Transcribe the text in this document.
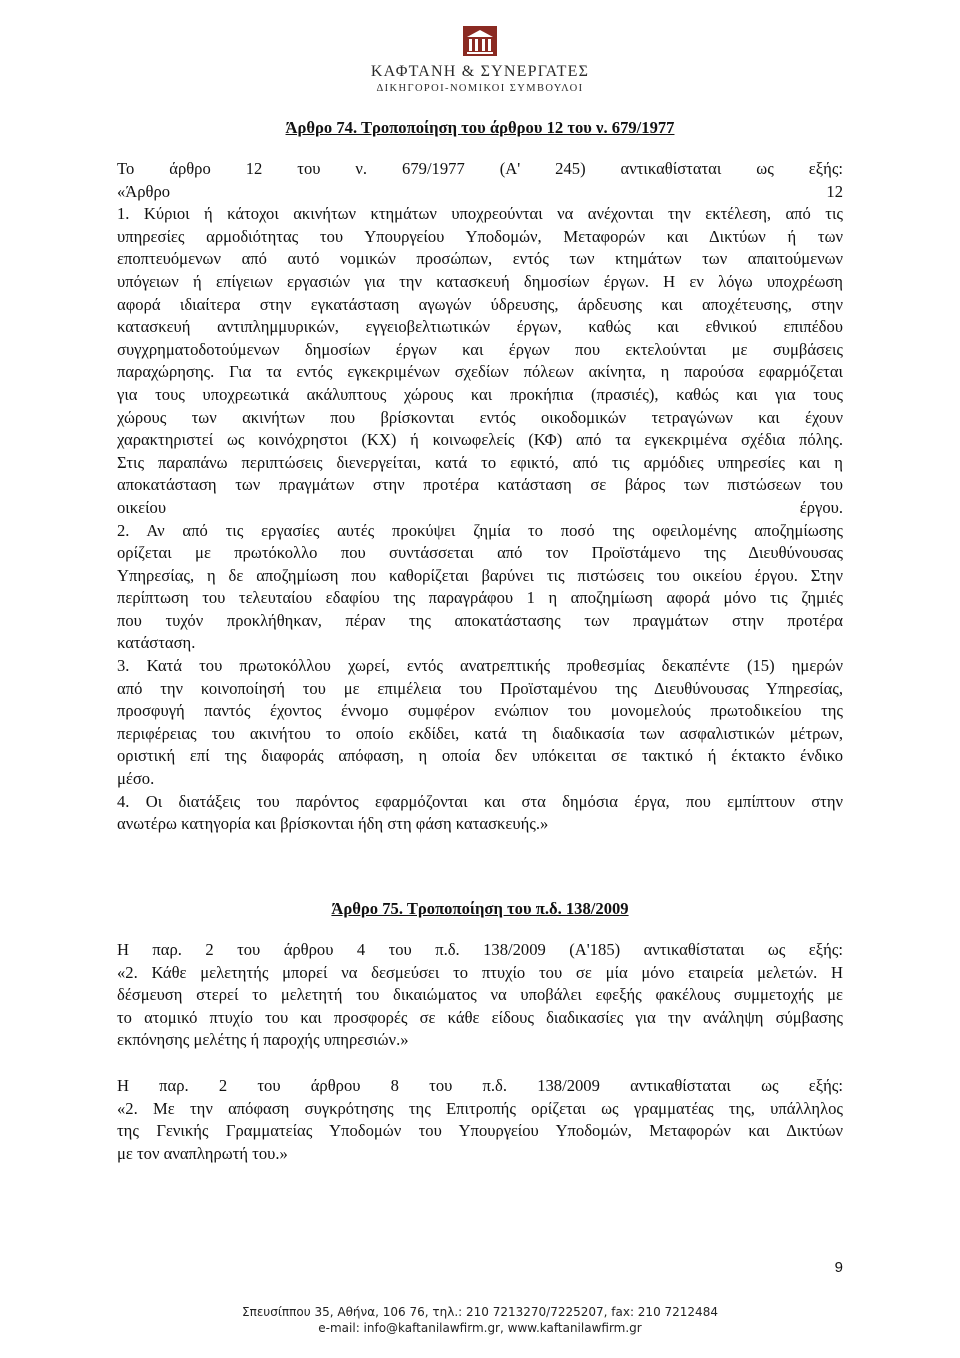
ΚΑΦΤΑΝΗ & ΣΥΝΕΡΓΑΤΕΣ
ΔΙΚΗΓΟΡΟΙ-ΝΟΜΙΚΟΙ ΣΥΜΒΟΥΛΟΙ
Άρθρο 74. Τροποποίηση του άρθρου 12 του ν. 679/1977
Το άρθρο 12 του ν. 679/1977 (Α' 245) αντικαθίσταται ως εξής:
«Άρθρο 12
1. Κύριοι ή κάτοχοι ακινήτων κτημάτων υποχρεούνται να ανέχονται την εκτέλεση, από τις
υπηρεσίες αρμοδιότητας του Υπουργείου Υποδομών, Μεταφορών και Δικτύων ή των
εποπτευόμενων από αυτό νομικών προσώπων, εντός των κτημάτων των απαιτούμενων
υπόγειων ή επίγειων εργασιών για την κατασκευή δημοσίων έργων. Η εν λόγω υποχρέωση
αφορά ιδιαίτερα στην εγκατάσταση αγωγών ύδρευσης, άρδευσης και αποχέτευσης, στην
κατασκευή αντιπλημμυρικών, εγγειοβελτιωτικών έργων, καθώς και εθνικού επιπέδου
συγχρηματοδοτούμενων δημοσίων έργων και έργων που εκτελούνται με συμβάσεις
παραχώρησης. Για τα εντός εγκεκριμένων σχεδίων πόλεων ακίνητα, η παρούσα εφαρμόζεται
για τους υποχρεωτικά ακάλυπτους χώρους και προκήπια (πρασιές), καθώς και για τους
χώρους των ακινήτων που βρίσκονται εντός οικοδομικών τετραγώνων και έχουν
χαρακτηριστεί ως κοινόχρηστοι (ΚΧ) ή κοινωφελείς (ΚΦ) από τα εγκεκριμένα σχέδια πόλης.
Στις παραπάνω περιπτώσεις διενεργείται, κατά το εφικτό, από τις αρμόδιες υπηρεσίες και η
αποκατάσταση των πραγμάτων στην προτέρα κατάσταση σε βάρος των πιστώσεων του
οικείου έργου.
2. Αν από τις εργασίες αυτές προκύψει ζημία το ποσό της οφειλομένης αποζημίωσης
ορίζεται με πρωτόκολλο που συντάσσεται από τον Προϊστάμενο της Διευθύνουσας
Υπηρεσίας, η δε αποζημίωση που καθορίζεται βαρύνει τις πιστώσεις του οικείου έργου. Στην
περίπτωση του τελευταίου εδαφίου της παραγράφου 1 η αποζημίωση αφορά μόνο τις ζημιές
που τυχόν προκλήθηκαν, πέραν της αποκατάστασης των πραγμάτων στην προτέρα
κατάσταση.
3. Κατά του πρωτοκόλλου χωρεί, εντός ανατρεπτικής προθεσμίας δεκαπέντε (15) ημερών
από την κοινοποίησή του με επιμέλεια του Προϊσταμένου της Διευθύνουσας Υπηρεσίας,
προσφυγή παντός έχοντος έννομο συμφέρον ενώπιον του μονομελούς πρωτοδικείου της
περιφέρειας του ακινήτου το οποίο εκδίδει, κατά τη διαδικασία των ασφαλιστικών μέτρων,
οριστική επί της διαφοράς απόφαση, η οποία δεν υπόκειται σε τακτικό ή έκτακτο ένδικο
μέσο.
4. Οι διατάξεις του παρόντος εφαρμόζονται και στα δημόσια έργα, που εμπίπτουν στην
ανωτέρω κατηγορία και βρίσκονται ήδη στη φάση κατασκευής.»
Άρθρο 75. Τροποποίηση του π.δ. 138/2009
Η παρ. 2 του άρθρου 4 του π.δ. 138/2009 (Α'185) αντικαθίσταται ως εξής:
«2. Κάθε μελετητής μπορεί να δεσμεύσει το πτυχίο του σε μία μόνο εταιρεία μελετών. Η
δέσμευση στερεί το μελετητή του δικαιώματος να υποβάλει εφεξής φακέλους συμμετοχής με
το ατομικό πτυχίο του και προσφορές σε κάθε είδους διαδικασίες για την ανάληψη σύμβασης
εκπόνησης μελέτης ή παροχής υπηρεσιών.»
Η παρ. 2 του άρθρου 8 του π.δ. 138/2009 αντικαθίσταται ως εξής:
«2. Με την απόφαση συγκρότησης της Επιτροπής ορίζεται ως γραμματέας της, υπάλληλος
της Γενικής Γραμματείας Υποδομών του Υπουργείου Υποδομών, Μεταφορών και Δικτύων
με τον αναπληρωτή του.»
9
Σπευσίππου 35, Αθήνα, 106 76, τηλ.: 210 7213270/7225207, fax: 210 7212484
e-mail: info@kaftanilawfirm.gr, www.kaftanilawfirm.gr
